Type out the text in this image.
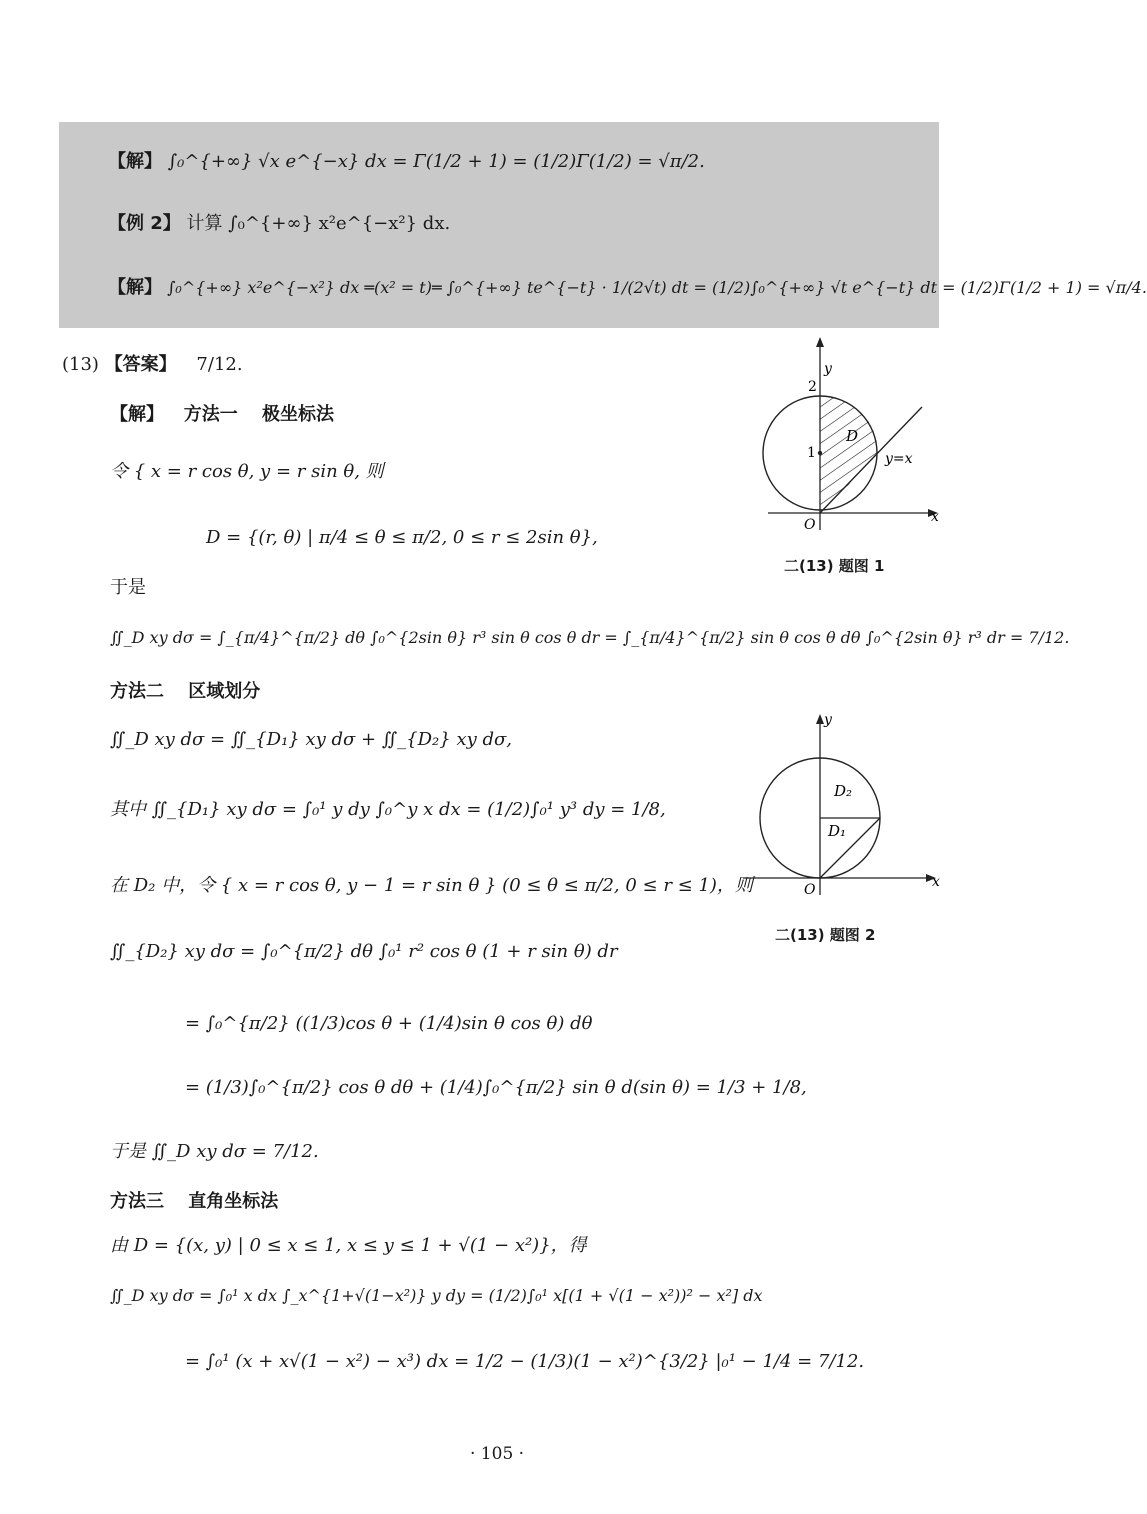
【解】 ∫₀^{+∞} √x e^{−x} dx = Γ(1/2 + 1) = (1/2)Γ(1/2) = √π/2.
【例 2】 计算 ∫₀^{+∞} x²e^{−x²} dx.
【解】 ∫₀^{+∞} x²e^{−x²} dx ═(x² = t)═ ∫₀^{+∞} te^{−t} · 1/(2√t) dt = (1/2)∫₀^{+∞} √t e^{−t} dt = (1/2)Γ(1/2 + 1) = √π/4.
(13) 【答案】 7/12.
【解】 方法一　 极坐标法
令 { x = r cos θ, y = r sin θ, 则
D = {(r, θ) | π/4 ≤ θ ≤ π/2, 0 ≤ r ≤ 2sin θ},
于是
∬_D xy dσ = ∫_{π/4}^{π/2} dθ ∫₀^{2sin θ} r³ sin θ cos θ dr = ∫_{π/4}^{π/2} sin θ cos θ dθ ∫₀^{2sin θ} r³ dr = 7/12.
方法二　 区域划分
∬_D xy dσ = ∬_{D₁} xy dσ + ∬_{D₂} xy dσ,
其中 ∬_{D₁} xy dσ = ∫₀¹ y dy ∫₀^y x dx = (1/2)∫₀¹ y³ dy = 1/8,
在 D₂ 中，令 { x = r cos θ, y − 1 = r sin θ } (0 ≤ θ ≤ π/2, 0 ≤ r ≤ 1)，则
∬_{D₂} xy dσ = ∫₀^{π/2} dθ ∫₀¹ r² cos θ (1 + r sin θ) dr
= ∫₀^{π/2} ((1/3)cos θ + (1/4)sin θ cos θ) dθ
= (1/3)∫₀^{π/2} cos θ dθ + (1/4)∫₀^{π/2} sin θ d(sin θ) = 1/3 + 1/8,
于是 ∬_D xy dσ = 7/12.
方法三　 直角坐标法
由 D = {(x, y) | 0 ≤ x ≤ 1, x ≤ y ≤ 1 + √(1 − x²)}，得
∬_D xy dσ = ∫₀¹ x dx ∫_x^{1+√(1−x²)} y dy = (1/2)∫₀¹ x[(1 + √(1 − x²))² − x²] dx
= ∫₀¹ (x + x√(1 − x²) − x³) dx = 1/2 − (1/3)(1 − x²)^{3/2} |₀¹ − 1/4 = 7/12.
y
x
O
2
1
D
y=x
二(13) 题图 1
y
x
O
D₂
D₁
二(13) 题图 2
· 105 ·
